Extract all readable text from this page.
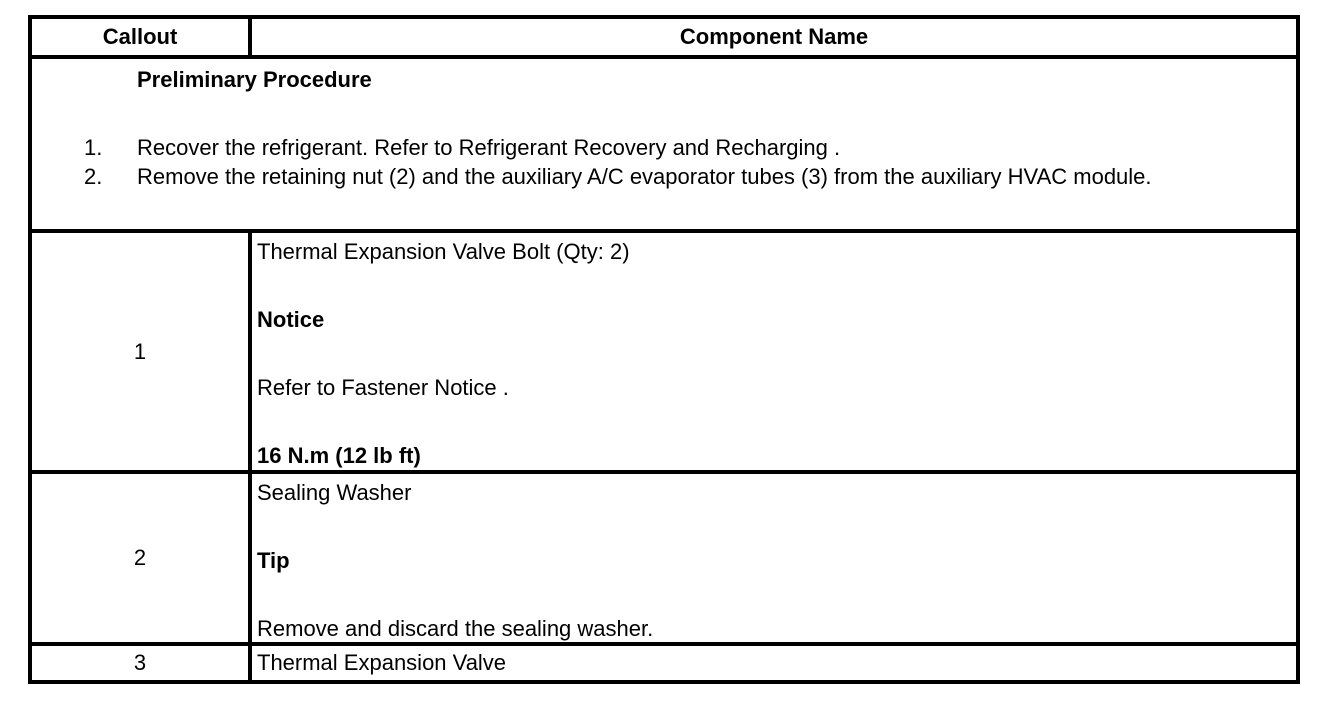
Callout	Component Name

Preliminary Procedure
1. Recover the refrigerant. Refer to Refrigerant Recovery and Recharging .
2. Remove the retaining nut (2) and the auxiliary A/C evaporator tubes (3) from the auxiliary HVAC module.	

1	Thermal Expansion Valve Bolt (Qty: 2)
Notice
Refer to Fastener Notice .
16 N.m (12 lb ft)

2	Sealing Washer
Tip
Remove and discard the sealing washer.

3	Thermal Expansion Valve
